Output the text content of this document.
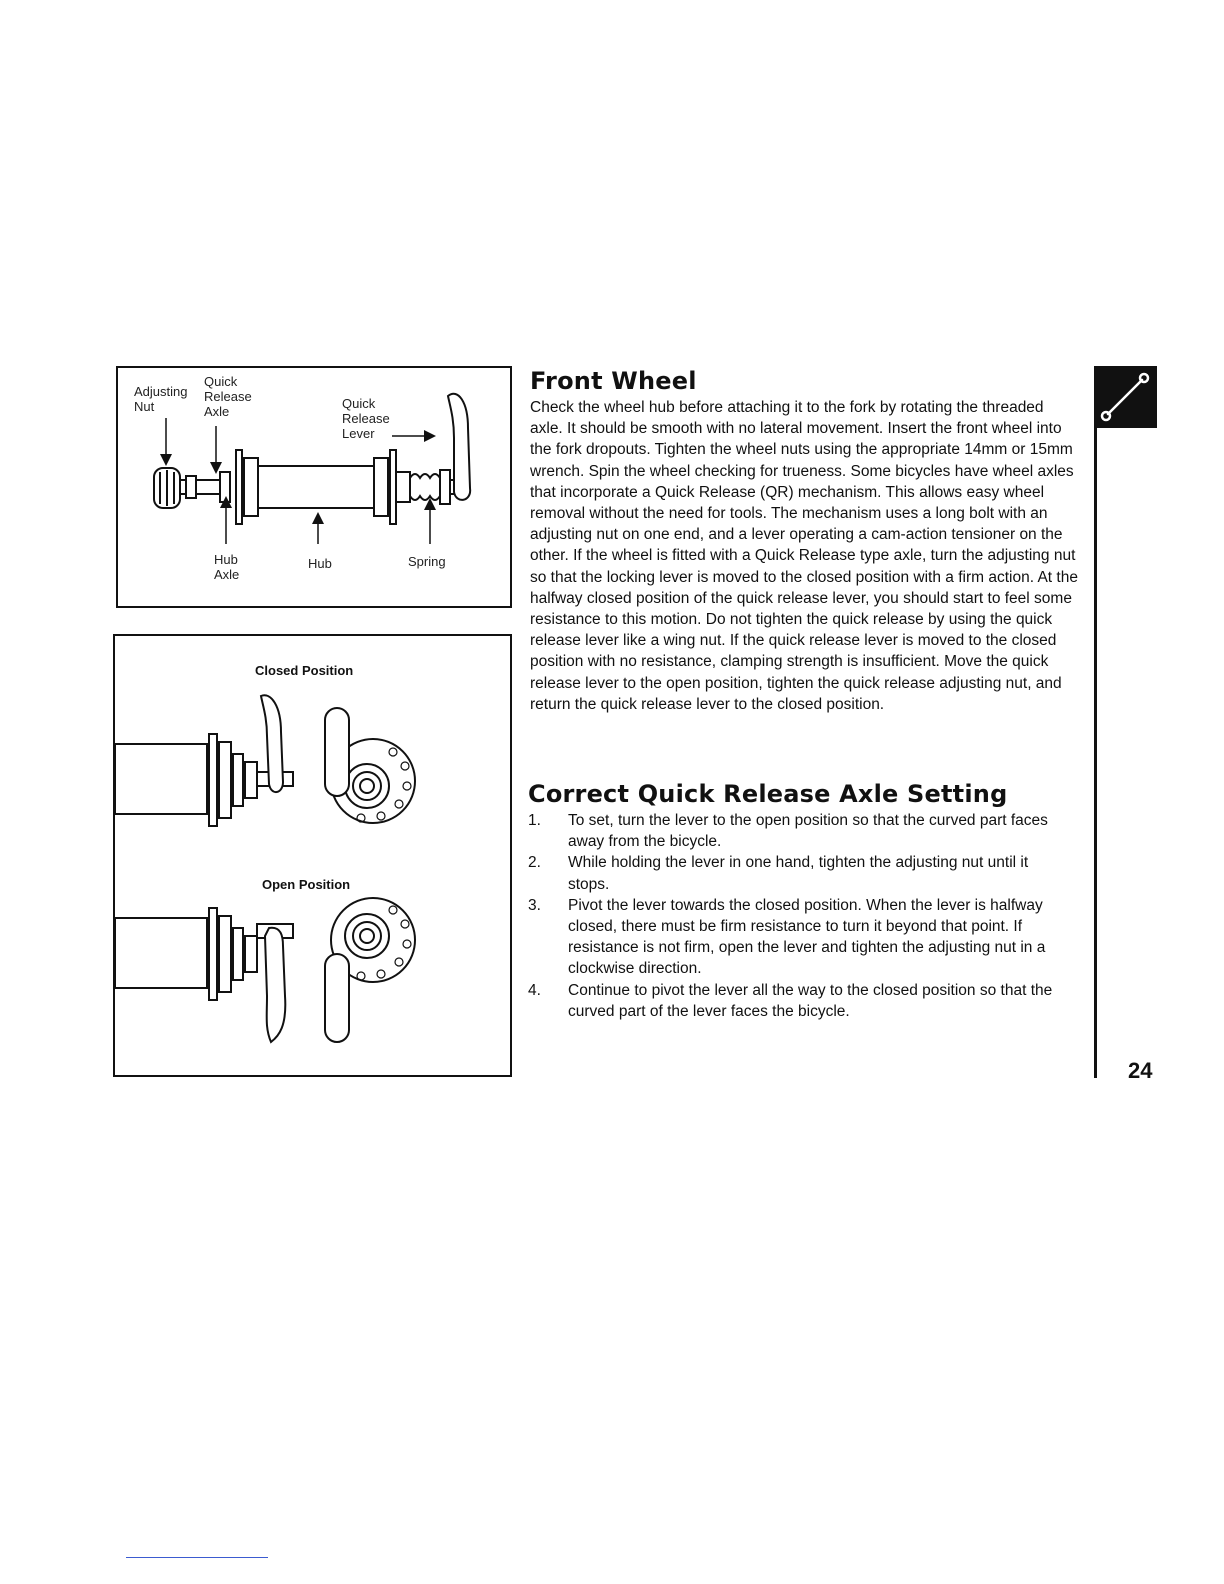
Adjusting
Nut
Quick
Release
Axle
Quick
Release
Lever
Hub
Axle
Hub	Spring
Closed Position
Open Position
Front Wheel

Check the wheel hub before attaching it to the fork by rotating the threaded axle. It should be smooth with no lateral movement. Insert the front wheel into the fork dropouts. Tighten the wheel nuts using the appropriate 14mm or 15mm wrench. Spin the wheel checking for trueness. Some bicycles have wheel axles that incorporate a Quick Release (QR) mechanism. This allows easy wheel removal without the need for tools. The mechanism uses a long bolt with an adjusting nut on one end, and a lever operating a cam-action tensioner on the other. If the wheel is fitted with a Quick Release type axle, turn the adjusting nut so that the locking lever is moved to the closed position with a firm action. At the halfway closed position of the quick release lever, you should start to feel some resistance to this motion. Do not tighten the quick release by using the quick release lever like a wing nut. If the quick release lever is moved to the closed position with no resistance, clamping strength is insufficient. Move the quick release lever to the open position, tighten the quick release adjusting nut, and return the quick release lever to the closed position.

Correct Quick Release Axle Setting
1. To set, turn the lever to the open position so that the curved part faces away from the bicycle.
2. While holding the lever in one hand, tighten the adjusting nut until it stops.
3. Pivot the lever towards the closed position. When the lever is halfway closed, there must be firm resistance to turn it beyond that point. If resistance is not firm, open the lever and tighten the adjusting nut in a clockwise direction.
4. Continue to pivot the lever all the way to the closed position so that the curved part of the lever faces the bicycle.
24
